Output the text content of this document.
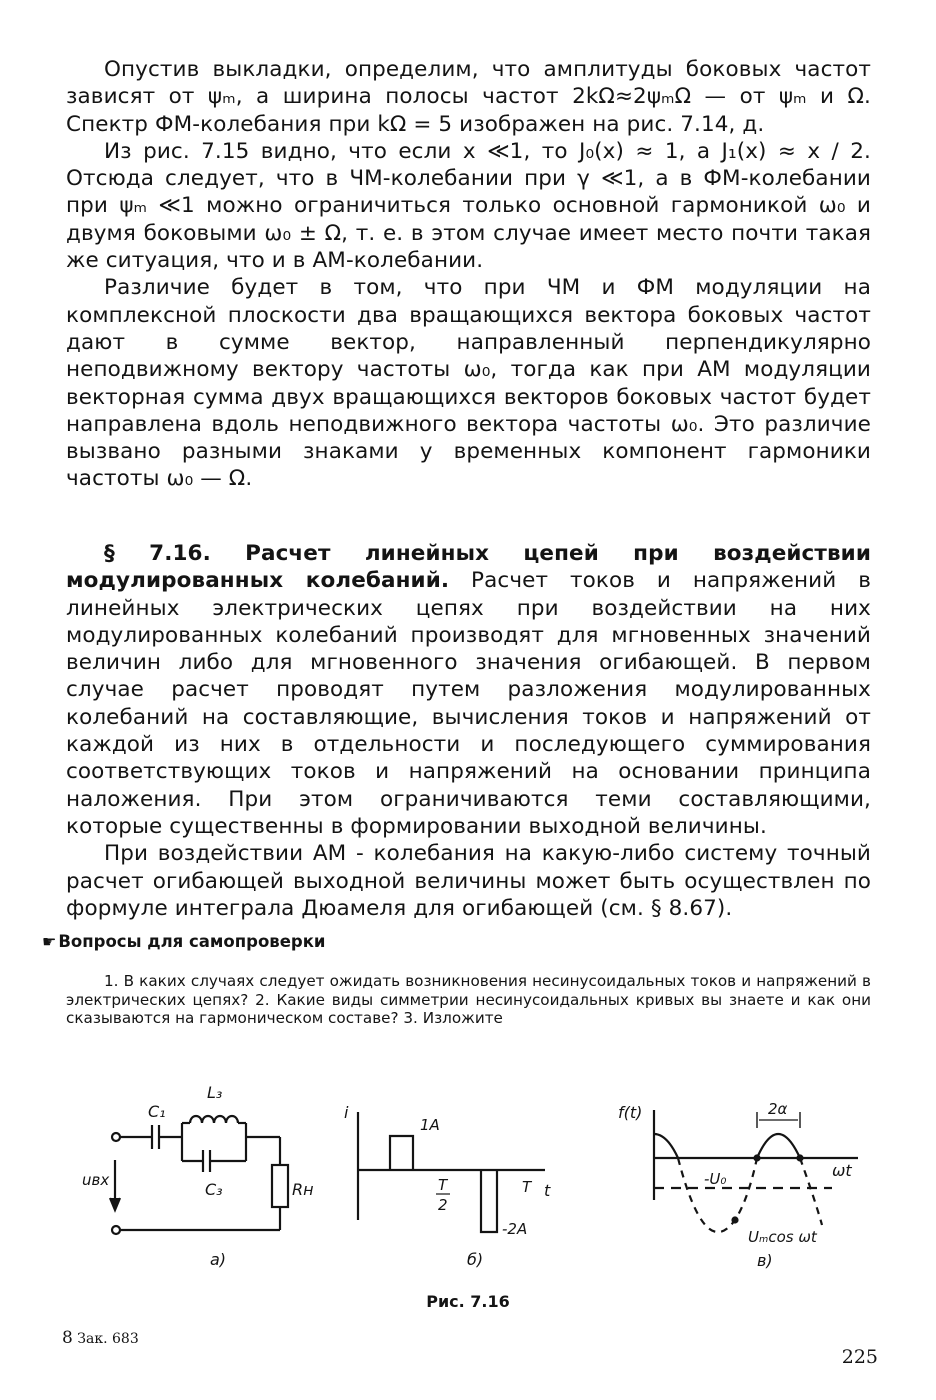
Опустив выкладки, определим, что амплитуды боковых частот зависят от ψₘ, а ширина полосы частот 2kΩ≈2ψₘΩ — от ψₘ и Ω. Спектр ФМ-колебания при kΩ = 5 изображен на рис. 7.14, д.

Из рис. 7.15 видно, что если x ≪1, то J₀(x) ≈ 1, а J₁(x) ≈ x / 2. Отсюда следует, что в ЧМ-колебании при γ ≪1, а в ФМ-колебании при ψₘ ≪1 можно ограничиться только основной гармоникой ω₀ и двумя боковыми ω₀ ± Ω, т. е. в этом случае имеет место почти такая же ситуация, что и в АМ-колебании.

Различие будет в том, что при ЧМ и ФМ модуляции на комплексной плоскости два вращающихся вектора боковых частот дают в сумме вектор, направленный перпендикулярно неподвижному вектору частоты ω₀, тогда как при АМ модуляции векторная сумма двух вращающихся векторов боковых частот будет направлена вдоль неподвижного вектора частоты ω₀. Это различие вызвано разными знаками у временных компонент гармоники частоты ω₀ — Ω.

§ 7.16. Расчет линейных цепей при воздействии модулированных колебаний. Расчет токов и напряжений в линейных электрических цепях при воздействии на них модулированных колебаний производят для мгновенных значений величин либо для мгновенного значения огибающей. В первом случае расчет проводят путем разложения модулированных колебаний на составляющие, вычисления токов и напряжений от каждой из них в отдельности и последующего суммирования соответствующих токов и напряжений на основании принципа наложения. При этом ограничиваются теми составляющими, которые существенны в формировании выходной величины.

При воздействии АМ - колебания на какую-либо систему точный расчет огибающей выходной величины может быть осуществлен по формуле интеграла Дюамеля для огибающей (см. § 8.67).

☛ Вопросы для самопроверки

1. В каких случаях следует ожидать возникновения несинусоидальных токов и напряжений в электрических цепях? 2. Какие виды симметрии несинусоидальных кривых вы знаете и как они сказываются на гармоническом составе? 3. Изложите

C₁
L₃
C₃	Rн
uвх
а)
i
1A
T
2
T t
-2A
б)
f(t)	2α
ωt
-U₀
Uₘcos ωt
в)
Рис. 7.16
8 Зак. 683
225
